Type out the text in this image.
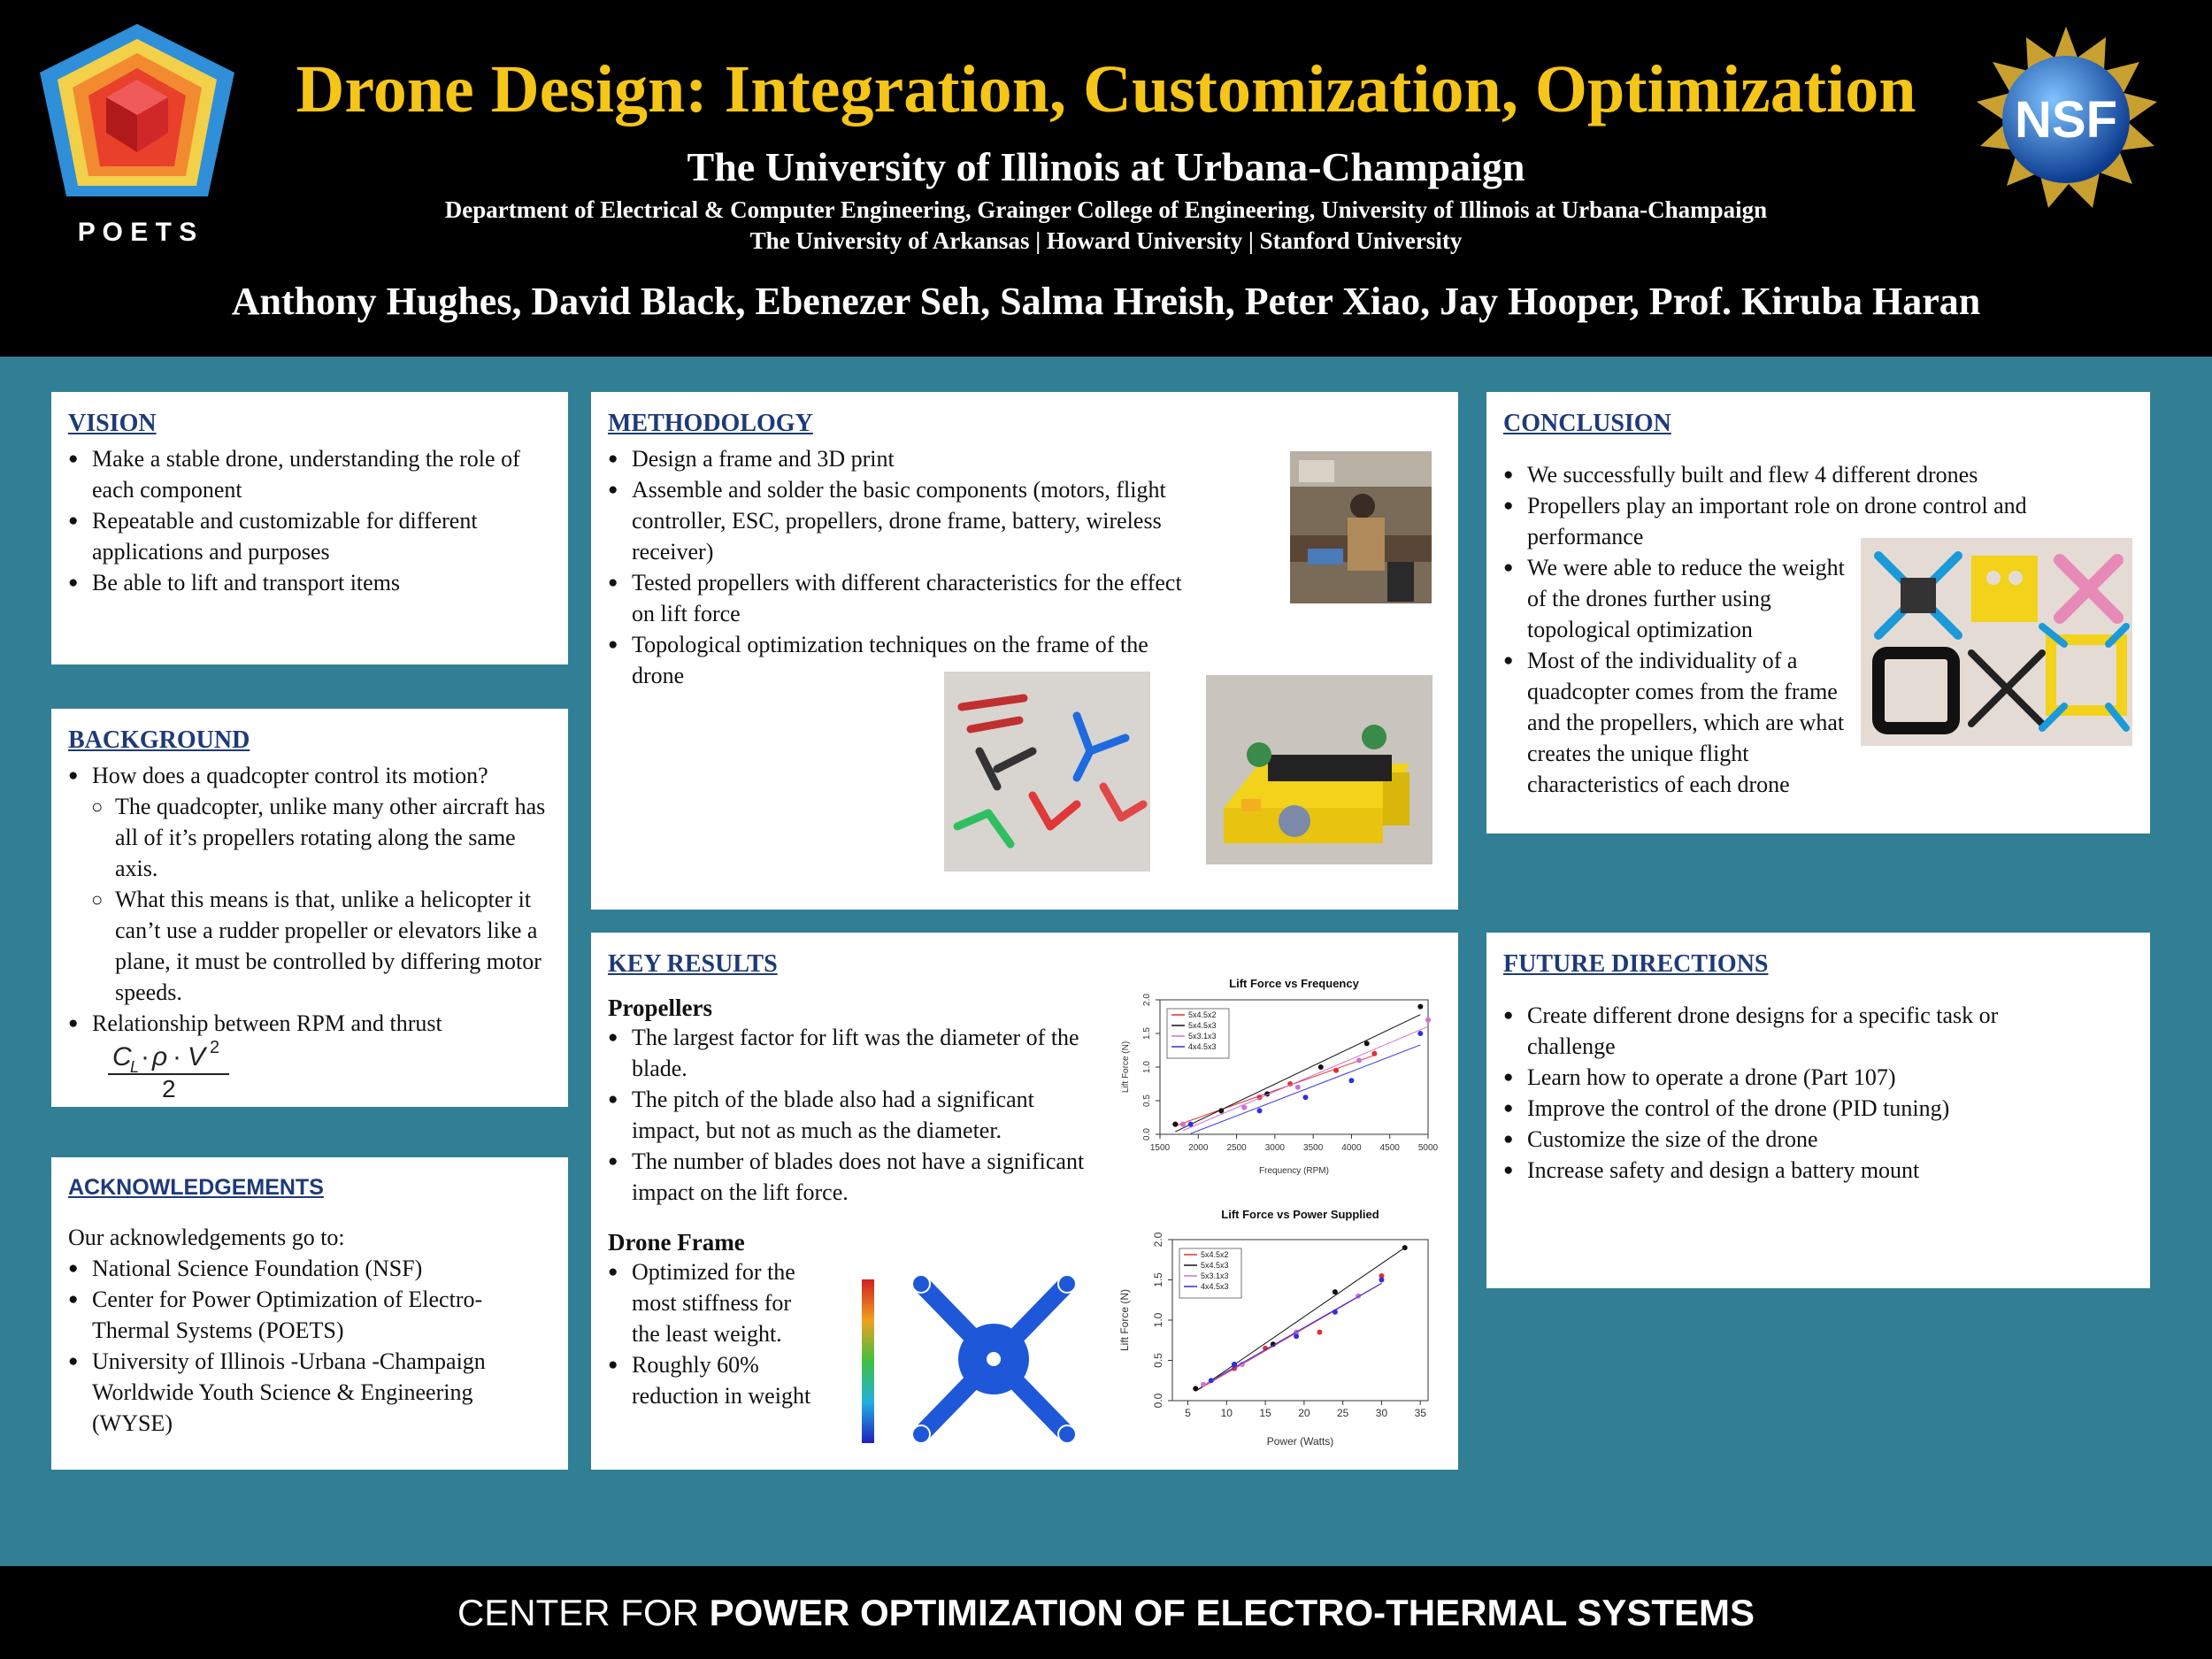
P O E T S
NSF
Drone Design: Integration, Customization, Optimization
The University of Illinois at Urbana-Champaign
Department of Electrical & Computer Engineering, Grainger College of Engineering, University of Illinois at Urbana-Champaign
The University of Arkansas | Howard University | Stanford University
Anthony Hughes, David Black, Ebenezer Seh, Salma Hreish, Peter Xiao, Jay Hooper, Prof. Kiruba Haran
VISION
● Make a stable drone, understanding the role of each component
● Repeatable and customizable for different applications and purposes
● Be able to lift and transport items
BACKGROUND
● How does a quadcopter control its motion?
○ The quadcopter, unlike many other aircraft has all of it’s propellers rotating along the same axis.
○ What this means is that, unlike a helicopter it can’t use a rudder propeller or elevators like a plane, it must be controlled by differing motor speeds.
● Relationship between RPM and thrust
C
L · ρ · V 2
2
ACKNOWLEDGEMENTS
Our acknowledgements go to:
● National Science Foundation (NSF)
● Center for Power Optimization of Electro-Thermal Systems (POETS)
● University of Illinois -Urbana -Champaign Worldwide Youth Science & Engineering (WYSE)
METHODOLOGY
● Design a frame and 3D print
● Assemble and solder the basic components (motors, flight controller, ESC, propellers, drone frame, battery, wireless receiver)
● Tested propellers with different characteristics for the effect on lift force
● Topological optimization techniques on the frame of the drone
KEY RESULTS
Propellers
● The largest factor for lift was the diameter of the blade.
● The pitch of the blade also had a significant impact, but not as much as the diameter.
● The number of blades does not have a significant impact on the lift force.
Drone Frame
● Optimized for the most stiffness for the least weight.
● Roughly 60% reduction in weight
Lift Force vs Frequency
1500 2000 2500 3000 3500 4000 4500 5000
0.0
0.5
1.0
1.5
2.0
Frequency (RPM)
Lift Force (N)
5x4.5x2
5x4.5x3
5x3.1x3
4x4.5x3
Lift Force vs Power Supplied
5	10	15	20	25	30	35
0.0
0.5
1.0
1.5
2.0
Power (Watts)
Lift Force (N)
5x4.5x2
5x4.5x3
5x3.1x3
4x4.5x3
CONCLUSION
● We successfully built and flew 4 different drones
● Propellers play an important role on drone control and performance
● We were able to reduce the weight of the drones further using topological optimization
● Most of the individuality of a quadcopter comes from the frame and the propellers, which are what creates the unique flight characteristics of each drone
FUTURE DIRECTIONS
● Create different drone designs for a specific task or challenge
● Learn how to operate a drone (Part 107)
● Improve the control of the drone (PID tuning)
● Customize the size of the drone
● Increase safety and design a battery mount
CENTER FOR POWER OPTIMIZATION OF ELECTRO-THERMAL SYSTEMS
